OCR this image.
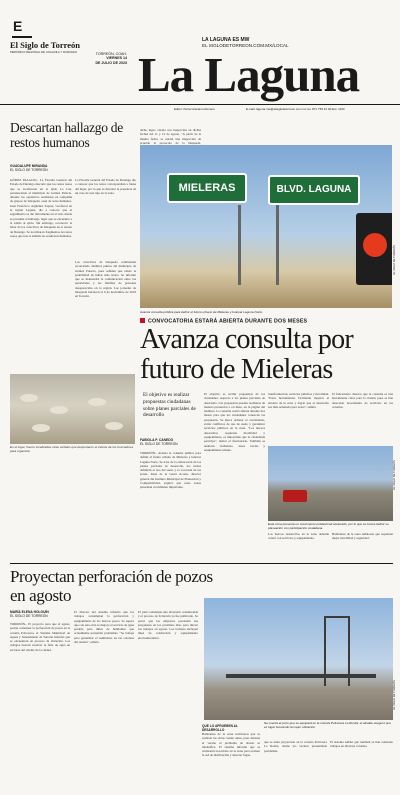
E
El Siglo de Torreón
PERIÓDICO REGIONAL DE COAHUILA Y DURANGO	TORREÓN, COAH.
VIERNES 14
DE JULIO DE 2023
LA LAGUNA ES MW
EL SIGLODETORREON.COM.MX/LOCAL
La Laguna
Editor: Perla Graciano Romero	E-mail: laguna.mw@elsiglodetorreon.com.mx tel. 871 759 12 00 Ext. 1164
Descartan hallazgo de restos humanos
GUADALUPE MIRANDA
EL SIGLO DE TORREÓN
GÓMEZ PALACIO.- La Fiscalía General del Estado de Durango descartó que los restos óseos que se localizaron en el ejido La Luz, perteneciente al municipio de Gómez Palacio, durante los operativos realizados en compañía de grupos de búsqueda, sean de seres humanos. Juan Francisco Argüelles Zapata, vicefiscal en la región Laguna, dio a conocer que el seguimiento se dio únicamente en el sitio donde se presume el hallazgo, lugar que se encuentra a la salida al ejido. Sin embargo, reconoció la labor de los colectivos de búsqueda en el estado de Durango. Se localizaron fragmentos de restos óseos que tras el análisis no resultaron humanos.
La Fiscalía General del Estado de Durango dio a conocer que los restos correspondían a fauna del lugar, por lo que se descartó la presencia de un caso de este tipo en la zona.
Los colectivos de búsqueda continuarán recorriendo distintos puntos del municipio de Gómez Palacio, pues señalan que existe la posibilidad de hallar más restos. Se informó que se mantendrá la comunicación entre las autoridades y las familias de personas desaparecidas en la región. Las jornadas de búsqueda iniciaron el 6 de noviembre de 2018 en Torreón.
dicho lugar, cuenta con inspección en dichas fechas del 11 y 12 de agosto. "A partir de la misma fecha, se tendrá una inspección de acuerdo al protocolo de la búsqueda,
En el lugar, fueron localizadas otras señales que despertaron el interés de los buscadores para organizar.
MIELERAS	BLVD. LAGUNA
EL SIGLO DE TORREÓN
Avanza consulta pública para definir el futuro urbano de Mieleras y bulevar Laguna Norte.
CONVOCATORIA ESTARÁ ABIERTA DURANTE DOS MESES
Avanza consulta por futuro de Mieleras
El objetivo es realizar propuestas ciudadanas sobre planes parciales de desarrollo
FABIOLA P. CANEDO
EL SIGLO DE TORREÓN
TORREÓN.- Avanza la consulta pública para definir el futuro urbano de Mieleras y bulevar Laguna Norte. Se trata de la elaboración de los planes parciales de desarrollo, los cuales definirán el uso del suelo y la vocación de las zonas. Jesús de la Garza Acosta, director general del Instituto Municipal de Planeación y Competitividad, explicó que estas zonas presentan crecimiento importante.
El objetivo es recibir propuestas de los ciudadanos respecto a los planes parciales de desarrollo. Las propuestas pueden realizarse de manera presencial o en línea, en la página del instituto. La consulta estará abierta durante dos meses para que los ciudadanos conozcan las propuestas. Se busca ordenar el crecimiento, evitar conflictos de uso de suelo y garantizar servicios públicos en la zona. "Los nuevos desarrollos requieren movilidad y equipamiento, es importante que la ciudadanía participe", indicó el funcionario. También se analizan vialidades, áreas verdes y equipamiento urbano.
transformación, servicios públicos y movilidad. "Estas herramientas facilitarán mejorar el entorno de la zona y lograr que el desarrollo sea más ordenado para todos", señaló.
El funcionario destacó que la consulta es una herramienta clave para la ciudad, pues se han detectado necesidades de servicios en las colonias.
EL SIGLO DE TORREÓN
Esta zona presenta un crecimiento poblacional acelerado, por lo que se busca definir su planeación con participación ciudadana.
Los nuevos desarrollos en la zona deberán contar con servicios y equipamiento.
Habitantes de la zona señalaron que requieren mejor movilidad y seguridad.
Proyectan perforación de pozos en agosto
MARÍA ELENA HOLGUÍN
EL SIGLO DE TORREÓN
TORREÓN.- El proyecto para que el agosto podría comenzar la perforación de pozos en la colonia Polvorera, el Sistema Municipal de Aguas y Saneamiento de Torreón informó que se encuentran en proceso de licitación. Los trabajos buscan resolver la falta de agua en sectores del oriente de la ciudad.
El director del sistema informó que los trabajos contemplan la perforación y equipamiento de los nuevos pozos. Se espera que con esta obra se mejore el servicio de agua potable para miles de habitantes que actualmente presentan problemas. "Se trabaja para garantizar el suministro en las colonias del oriente", señaló.
El plan contempla una inversión considerable y el proceso de licitación ya fue publicado. Se prevé que las empresas presenten sus propuestas en los próximos días, para iniciar los trabajos en agosto. Los trabajos incluyen línea de conducción y equipamiento electromecánico.
EL SIGLO DE TORREÓN
Se cuenta al pozo que se equipará en la colonia Polvorera La Rosita; el alcalde aseguró que es lugar buscando la mejor ubicación.
QUE LO APRUEBEN AL DESARROLLO
Habitantes de la zona solicitaron que se realicen las obras cuanto antes, pues durante el verano el problema de abasto se intensifica. El sistema informó que se realizarán recorridos en la zona para evaluar la red de distribución y detectar fugas.
que se tenía proyectado en la colonia Polvorera La Rosita, donde los vecinos presentaban problemas.
El sistema señaló que también se han realizado trabajos en diversas colonias.
